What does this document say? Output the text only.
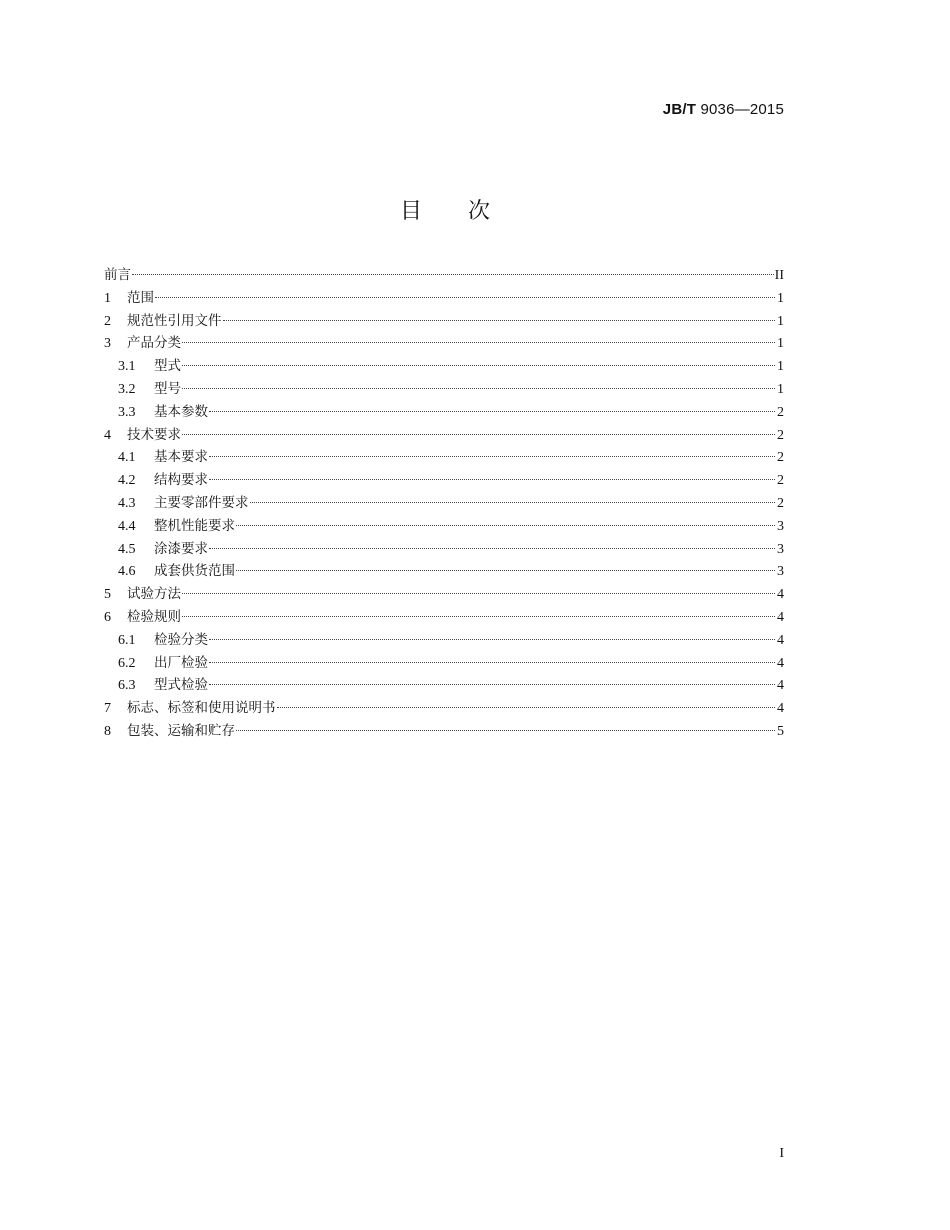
JB/T 9036—2015
目 次
前言	II
1	范围	1
2	规范性引用文件	1
3	产品分类	1
3.1	型式	1
3.2	型号	1
3.3	基本参数	2
4	技术要求	2
4.1	基本要求	2
4.2	结构要求	2
4.3	主要零部件要求	2
4.4	整机性能要求	3
4.5	涂漆要求	3
4.6	成套供货范围	3
5	试验方法	4
6	检验规则	4
6.1	检验分类	4
6.2	出厂检验	4
6.3	型式检验	4
7	标志、标签和使用说明书	4
8	包装、运输和贮存	5
I
